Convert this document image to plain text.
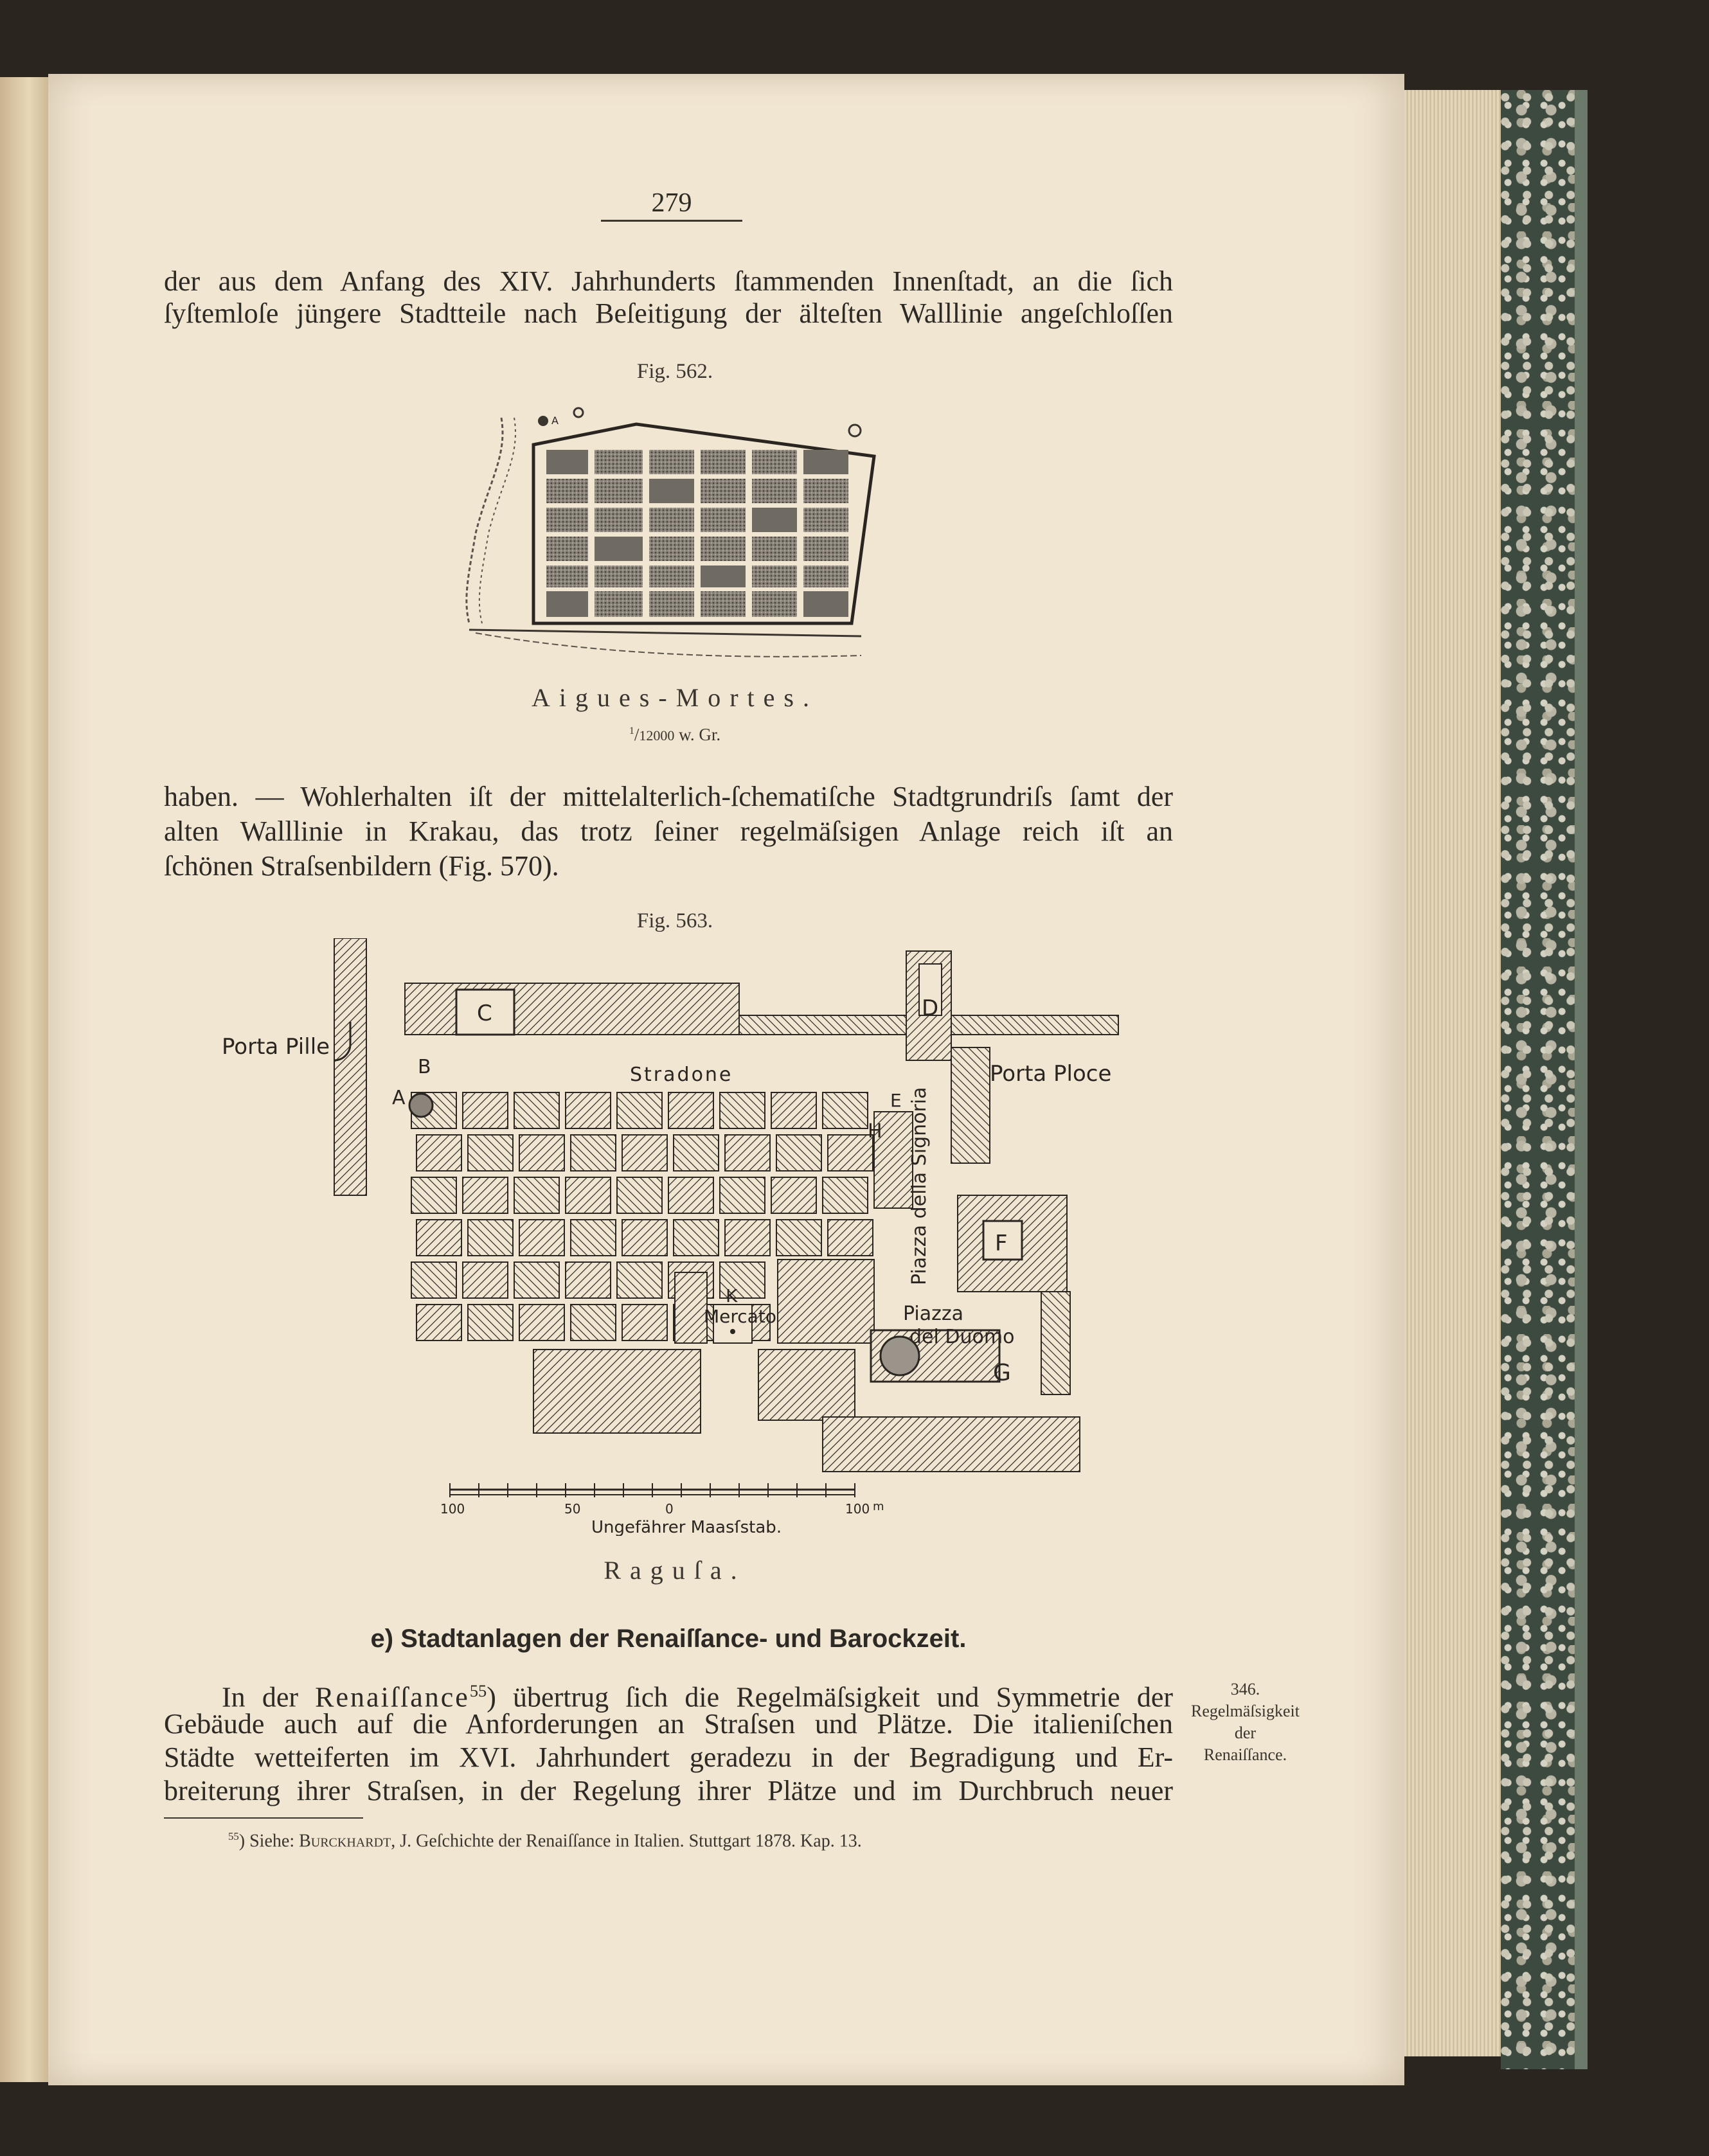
279
der aus dem Anfang des XIV. Jahrhunderts ſtammenden Innenſtadt, an die ſich
ſyſtemloſe jüngere Stadtteile nach Beſeitigung der älteſten Walllinie angeſchloſſen
Fig. 562.
A
Aigues-Mortes.
$^1$/12000 w. Gr.
haben. — Wohlerhalten iſt der mittelalterlich-ſchematiſche Stadtgrundriſs ſamt der
alten Walllinie in Krakau, das trotz ſeiner regelmäſsigen Anlage reich iſt an
ſchönen Straſsenbildern (Fig. 570).
Fig. 563.
Porta Pille
Porta Ploce
Stradone
Piazza della Signoria
Piazza
del Duomo
Mercato
A
B
C	D
E
F
G
H
K
100	50	0	100 m
Ungefährer Maasſstab.
Raguſa.
e) Stadtanlagen der Renaiſſance- und Barockzeit.
In der Renaiſſance$^{55}$) übertrug ſich die Regelmäſsigkeit und Symmetrie der
Gebäude auch auf die Anforderungen an Straſsen und Plätze. Die italieniſchen
Städte wetteiferten im XVI. Jahrhundert geradezu in der Begradigung und Er-
breiterung ihrer Straſsen, in der Regelung ihrer Plätze und im Durchbruch neuer
346.
Regelmäſsigkeit
der
Renaiſſance.
$^{55}$) Siehe: Burckhardt, J. Geſchichte der Renaiſſance in Italien. Stuttgart 1878. Kap. 13.
